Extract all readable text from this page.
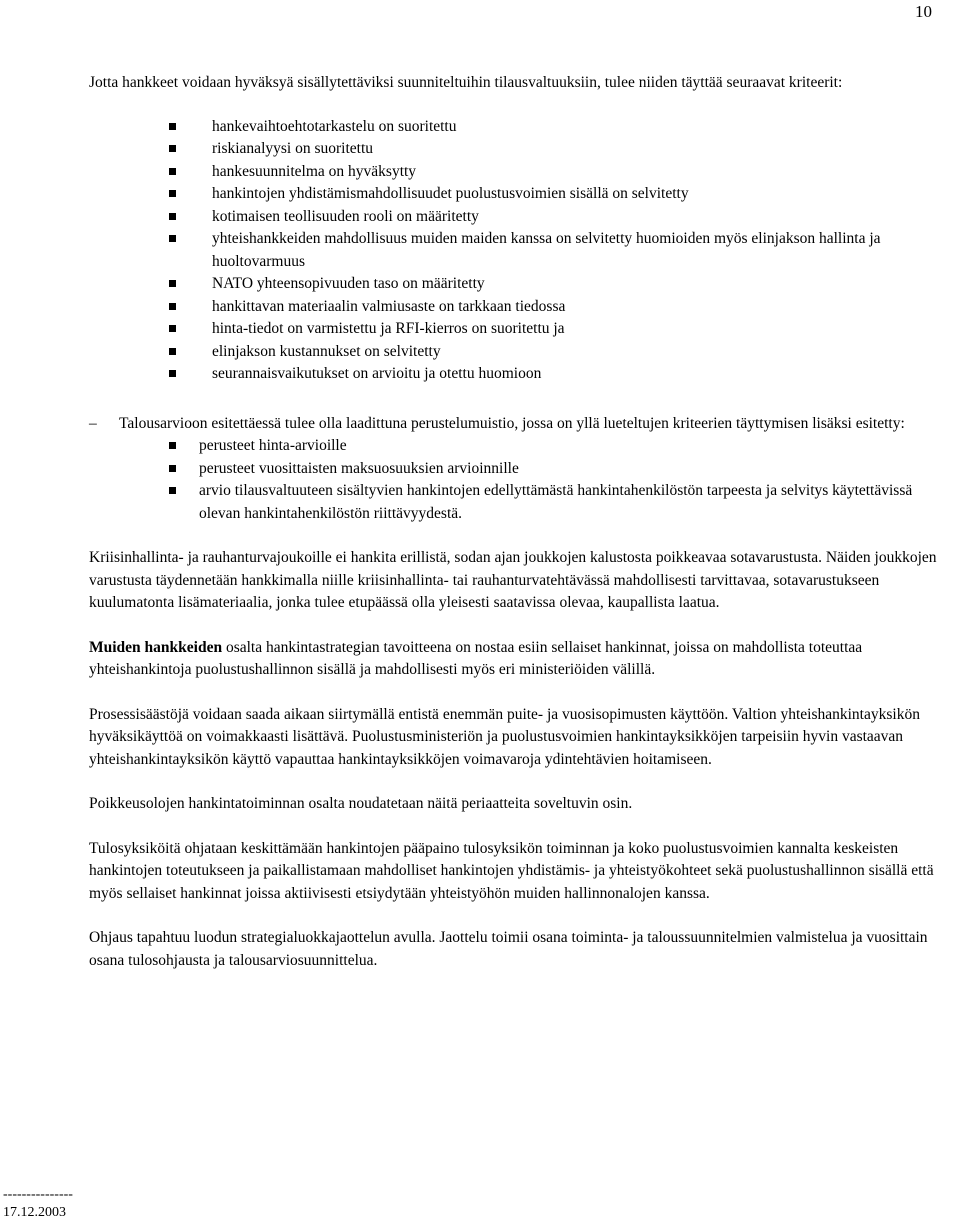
10

Jotta hankkeet voidaan hyväksyä sisällytettäviksi suunniteltuihin tilausvaltuuksiin, tulee niiden täyttää seuraavat kriteerit:

hankevaihtoehtotarkastelu on suoritettu
riskianalyysi on suoritettu
hankesuunnitelma on hyväksytty
hankintojen yhdistämismahdollisuudet puolustusvoimien sisällä on selvitetty
kotimaisen teollisuuden rooli on määritetty
yhteishankkeiden mahdollisuus muiden maiden kanssa on selvitetty huomioiden myös elinjakson hallinta ja huoltovarmuus
NATO yhteensopivuuden taso on määritetty
hankittavan materiaalin valmiusaste on tarkkaan tiedossa
hinta-tiedot on varmistettu ja RFI-kierros on suoritettu ja
elinjakson kustannukset on selvitetty
seurannaisvaikutukset on arvioitu ja otettu huomioon

– Talousarvioon esitettäessä tulee olla laadittuna perustelumuistio, jossa on yllä lueteltujen kriteerien täyttymisen lisäksi esitetty:

perusteet hinta-arvioille
perusteet vuosittaisten maksuosuuksien arvioinnille
arvio tilausvaltuuteen sisältyvien hankintojen edellyttämästä hankintahenkilöstön tarpeesta ja selvitys käytettävissä olevan hankintahenkilöstön riittävyydestä.

Kriisinhallinta- ja rauhanturvajoukoille ei hankita erillistä, sodan ajan joukkojen kalustosta poikkeavaa sotavarustusta. Näiden joukkojen varustusta täydennetään hankkimalla niille kriisinhallinta- tai rauhanturvatehtävässä mahdollisesti tarvittavaa, sotavarustukseen kuulumatonta lisämateriaalia, jonka tulee etupäässä olla yleisesti saatavissa olevaa, kaupallista laatua.

Muiden hankkeiden osalta hankintastrategian tavoitteena on nostaa esiin sellaiset hankinnat, joissa on mahdollista toteuttaa yhteishankintoja puolustushallinnon sisällä ja mahdollisesti myös eri ministeriöiden välillä.

Prosessisäästöjä voidaan saada aikaan siirtymällä entistä enemmän puite- ja vuosisopimusten käyttöön. Valtion yhteishankintayksikön hyväksikäyttöä on voimakkaasti lisättävä. Puolustusministeriön ja puolustusvoimien hankintayksikköjen tarpeisiin hyvin vastaavan yhteishankintayksikön käyttö vapauttaa hankintayksikköjen voimavaroja ydintehtävien hoitamiseen.

Poikkeusolojen hankintatoiminnan osalta noudatetaan näitä periaatteita soveltuvin osin.

Tulosyksiköitä ohjataan keskittämään hankintojen pääpaino tulosyksikön toiminnan ja koko puolustusvoimien kannalta keskeisten hankintojen toteutukseen ja paikallistamaan mahdolliset hankintojen yhdistämis- ja yhteistyökohteet sekä puolustushallinnon sisällä että myös sellaiset hankinnat joissa aktiivisesti etsiydytään yhteistyöhön muiden hallinnonalojen kanssa.

Ohjaus tapahtuu luodun strategialuokkajaottelun avulla. Jaottelu toimii osana toiminta- ja taloussuunnitelmien valmistelua ja vuosittain osana tulosohjausta ja talousarviosuunnittelua.

---------------
17.12.2003
